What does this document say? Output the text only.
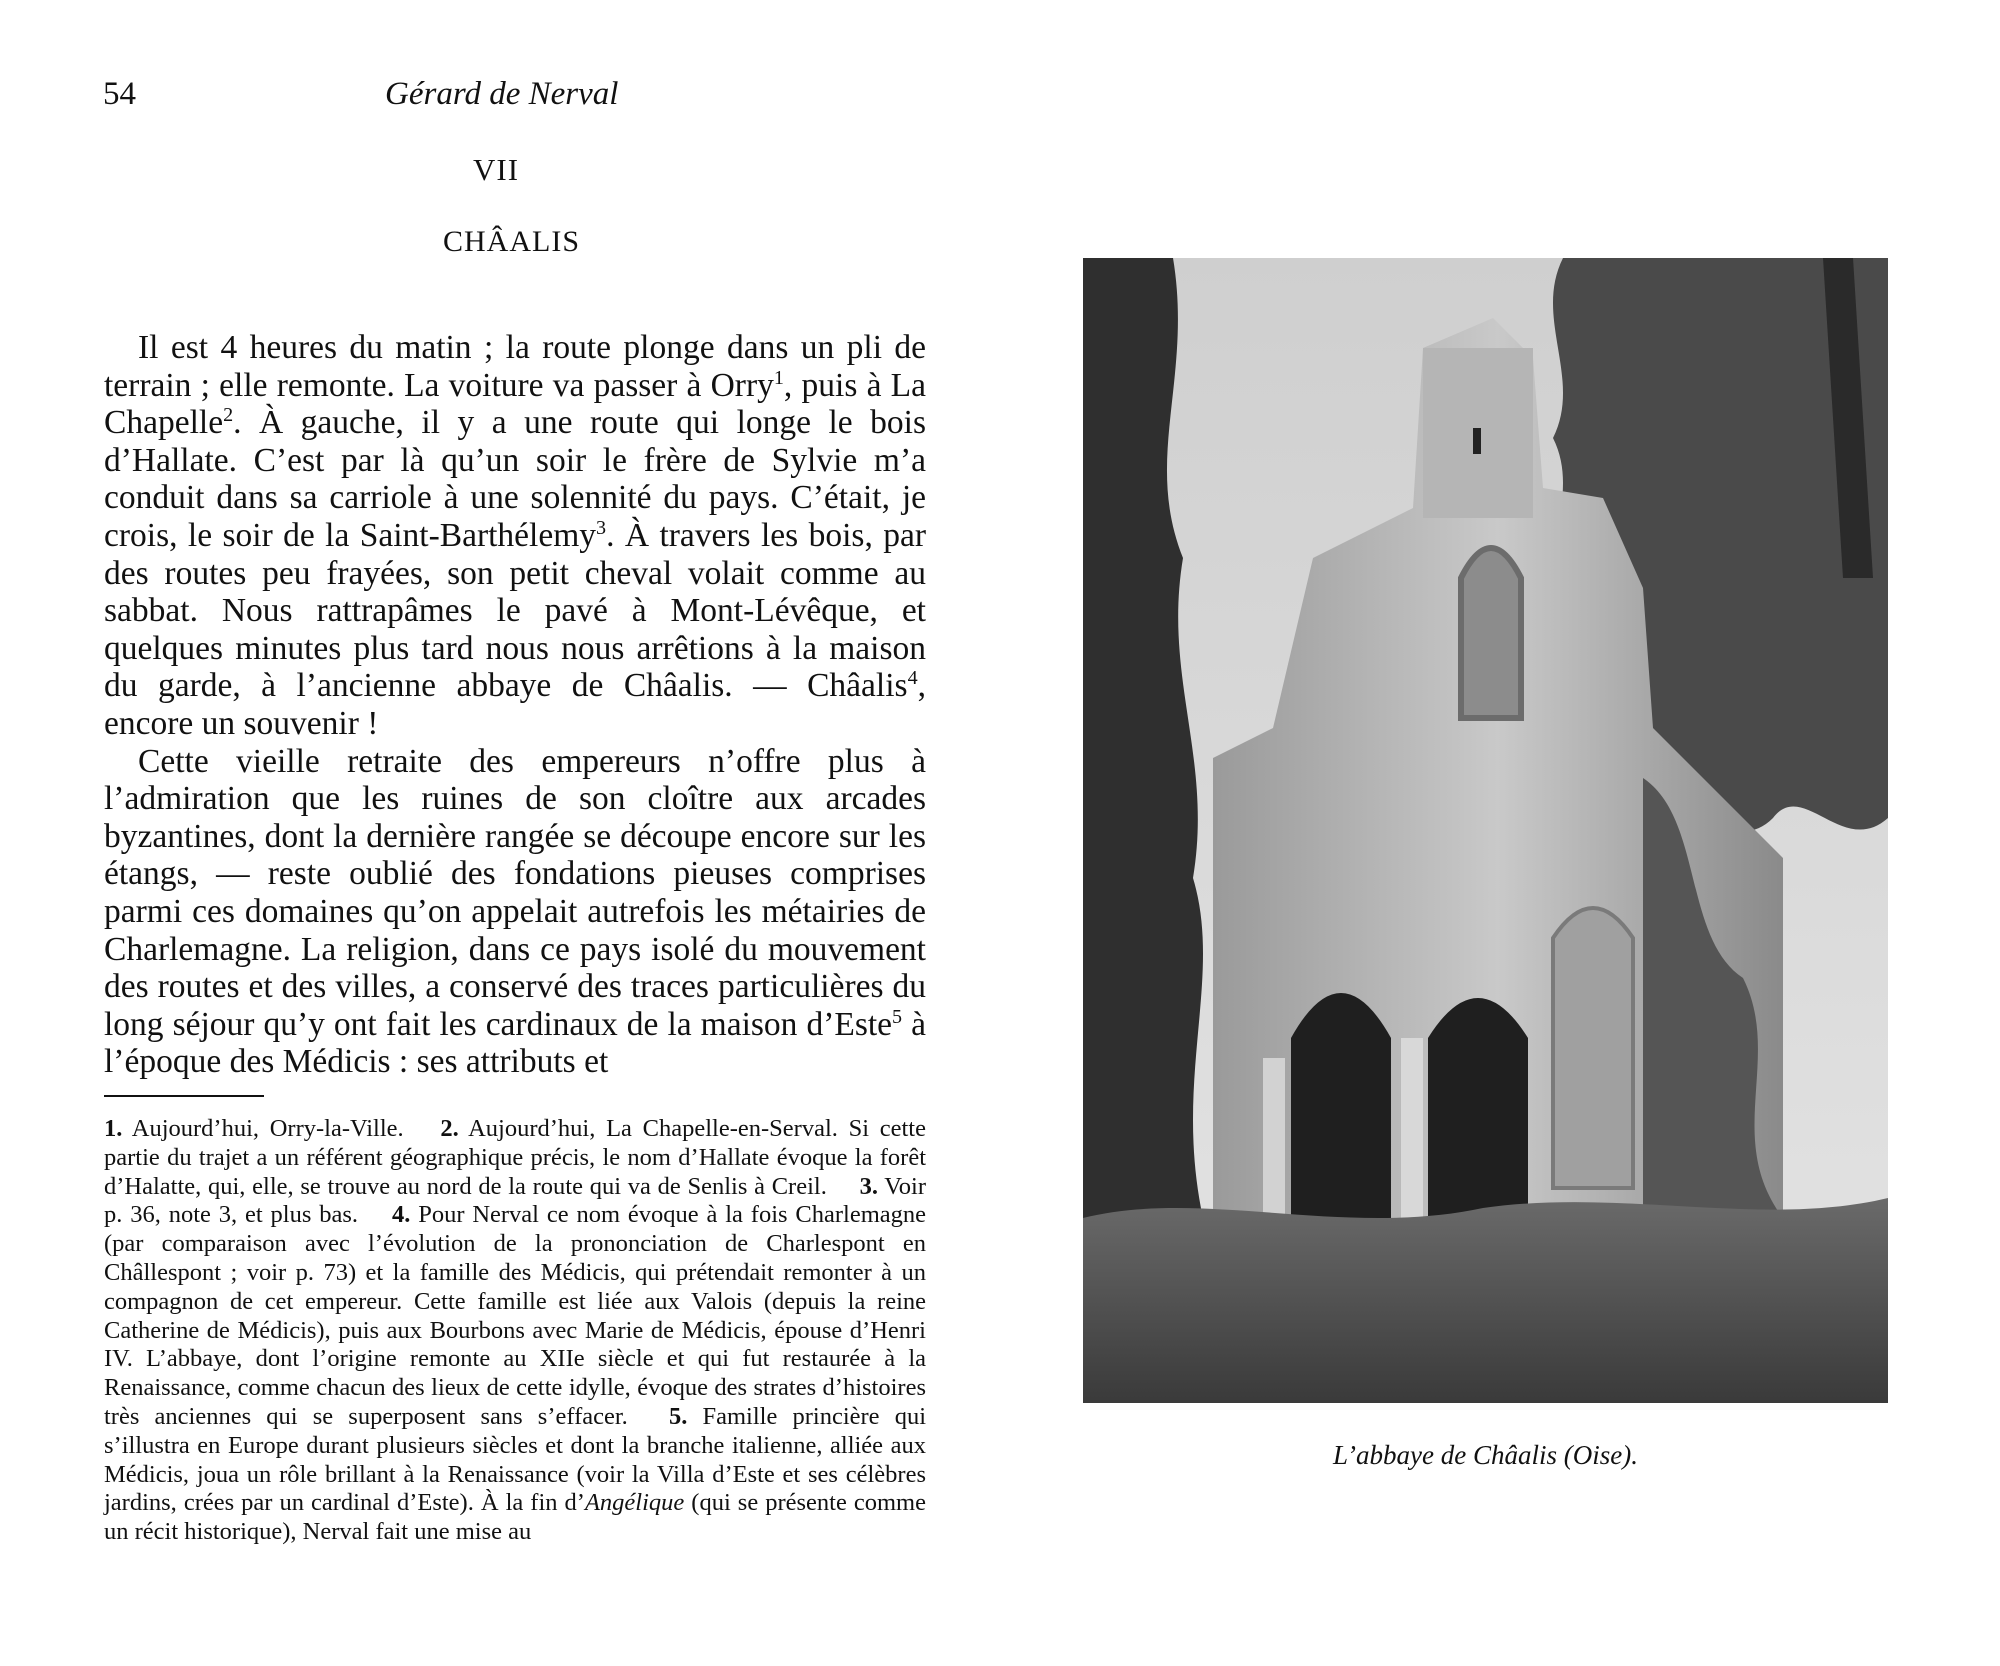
54	Gérard de Nerval
VII
CHÂALIS

Il est 4 heures du matin ; la route plonge dans un pli de terrain ; elle remonte. La voiture va passer à Orry$^1$, puis à La Chapelle$^2$. À gauche, il y a une route qui longe le bois d’Hallate. C’est par là qu’un soir le frère de Sylvie m’a conduit dans sa carriole à une solennité du pays. C’était, je crois, le soir de la Saint-Barthélemy$^3$. À travers les bois, par des routes peu frayées, son petit cheval volait comme au sabbat. Nous rattrapâmes le pavé à Mont-Lévêque, et quelques minutes plus tard nous nous arrêtions à la maison du garde, à l’ancienne abbaye de Châalis. — Châalis$^4$, encore un souvenir !

Cette vieille retraite des empereurs n’offre plus à l’admiration que les ruines de son cloître aux arcades byzantines, dont la dernière rangée se découpe encore sur les étangs, — reste oublié des fondations pieuses comprises parmi ces domaines qu’on appelait autrefois les métairies de Charlemagne. La religion, dans ce pays isolé du mouvement des routes et des villes, a conservé des traces particulières du long séjour qu’y ont fait les cardinaux de la maison d’Este$^5$ à l’époque des Médicis : ses attributs et

1. Aujourd’hui, Orry-la-Ville. 2. Aujourd’hui, La Chapelle-en-Serval. Si cette partie du trajet a un référent géographique précis, le nom d’Hallate évoque la forêt d’Halatte, qui, elle, se trouve au nord de la route qui va de Senlis à Creil. 3. Voir p. 36, note 3, et plus bas. 4. Pour Nerval ce nom évoque à la fois Charlemagne (par comparaison avec l’évolution de la prononciation de Charlespont en Châllespont ; voir p. 73) et la famille des Médicis, qui prétendait remonter à un compagnon de cet empereur. Cette famille est liée aux Valois (depuis la reine Catherine de Médicis), puis aux Bourbons avec Marie de Médicis, épouse d’Henri IV. L’abbaye, dont l’origine remonte au XIIe siècle et qui fut restaurée à la Renaissance, comme chacun des lieux de cette idylle, évoque des strates d’histoires très anciennes qui se superposent sans s’effacer. 5. Famille princière qui s’illustra en Europe durant plusieurs siècles et dont la branche italienne, alliée aux Médicis, joua un rôle brillant à la Renaissance (voir la Villa d’Este et ses célèbres jardins, crées par un cardinal d’Este). À la fin d’Angélique (qui se présente comme un récit historique), Nerval fait une mise au
L’abbaye de Châalis (Oise).
